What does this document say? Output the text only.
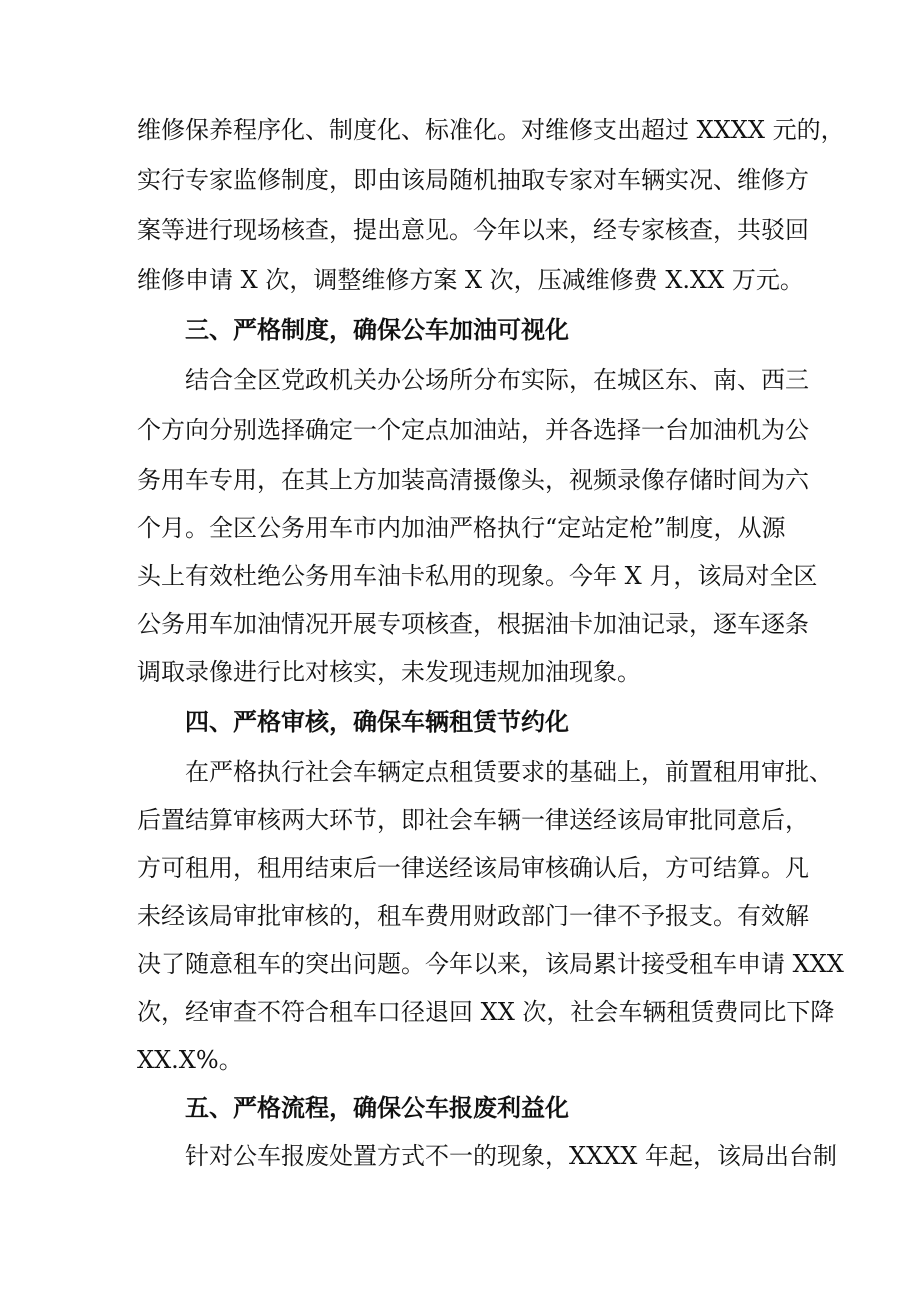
维修保养程序化、制度化、标准化。对维修支出超过 XXXX 元的，
实行专家监修制度，即由该局随机抽取专家对车辆实况、维修方
案等进行现场核查，提出意见。今年以来，经专家核查，共驳回
维修申请 X 次，调整维修方案 X 次，压减维修费 X.XX 万元。
三、严格制度，确保公车加油可视化
结合全区党政机关办公场所分布实际，在城区东、南、西三
个方向分别选择确定一个定点加油站，并各选择一台加油机为公
务用车专用，在其上方加装高清摄像头，视频录像存储时间为六
个月。全区公务用车市内加油严格执行“定站定枪”制度，从源
头上有效杜绝公务用车油卡私用的现象。今年 X 月，该局对全区
公务用车加油情况开展专项核查，根据油卡加油记录，逐车逐条
调取录像进行比对核实，未发现违规加油现象。
四、严格审核，确保车辆租赁节约化
在严格执行社会车辆定点租赁要求的基础上，前置租用审批、
后置结算审核两大环节，即社会车辆一律送经该局审批同意后，
方可租用，租用结束后一律送经该局审核确认后，方可结算。凡
未经该局审批审核的，租车费用财政部门一律不予报支。有效解
决了随意租车的突出问题。今年以来，该局累计接受租车申请 XXX
次，经审查不符合租车口径退回 XX 次，社会车辆租赁费同比下降
XX.X%。
五、严格流程，确保公车报废利益化
针对公车报废处置方式不一的现象，XXXX 年起，该局出台制
